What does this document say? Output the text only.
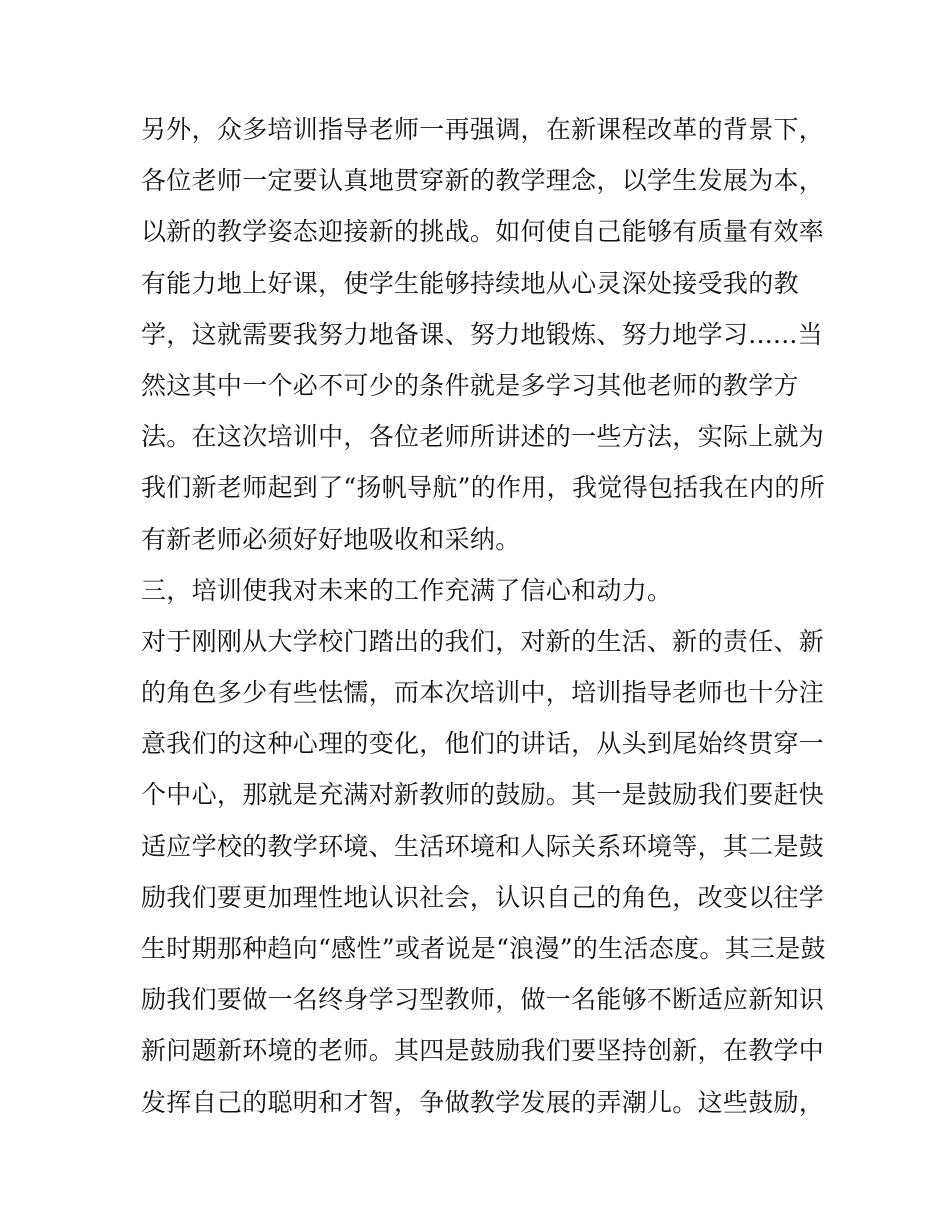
另外，众多培训指导老师一再强调，在新课程改革的背景下，
各位老师一定要认真地贯穿新的教学理念，以学生发展为本，
以新的教学姿态迎接新的挑战。如何使自己能够有质量有效率
有能力地上好课，使学生能够持续地从心灵深处接受我的教
学，这就需要我努力地备课、努力地锻炼、努力地学习......当
然这其中一个必不可少的条件就是多学习其他老师的教学方
法。在这次培训中，各位老师所讲述的一些方法，实际上就为
我们新老师起到了“扬帆导航”的作用，我觉得包括我在内的所
有新老师必须好好地吸收和采纳。
三，培训使我对未来的工作充满了信心和动力。
对于刚刚从大学校门踏出的我们，对新的生活、新的责任、新
的角色多少有些怯懦，而本次培训中，培训指导老师也十分注
意我们的这种心理的变化，他们的讲话，从头到尾始终贯穿一
个中心，那就是充满对新教师的鼓励。其一是鼓励我们要赶快
适应学校的教学环境、生活环境和人际关系环境等，其二是鼓
励我们要更加理性地认识社会，认识自己的角色，改变以往学
生时期那种趋向“感性”或者说是“浪漫”的生活态度。其三是鼓
励我们要做一名终身学习型教师，做一名能够不断适应新知识
新问题新环境的老师。其四是鼓励我们要坚持创新，在教学中
发挥自己的聪明和才智，争做教学发展的弄潮儿。这些鼓励，
